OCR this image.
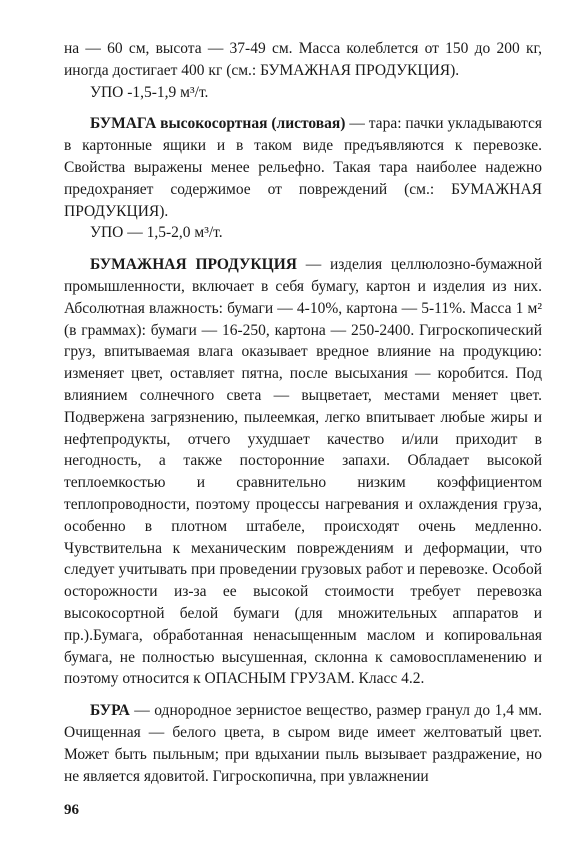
на — 60 см, высота — 37-49 см. Масса колеблется от 150 до 200 кг, иногда достигает 400 кг (см.: БУМАЖНАЯ ПРОДУКЦИЯ).

УПО -1,5-1,9 м³/т.

БУМАГА высокосортная (листовая) — тара: пачки укладываются в картонные ящики и в таком виде предъявляются к перевозке. Свойства выражены менее рельефно. Такая тара наиболее надежно предохраняет содержимое от повреждений (см.: БУМАЖНАЯ ПРОДУКЦИЯ).

УПО — 1,5-2,0 м³/т.

БУМАЖНАЯ ПРОДУКЦИЯ — изделия целлюлозно-бумажной промышленности, включает в себя бумагу, картон и изделия из них. Абсолютная влажность: бумаги — 4-10%, картона — 5-11%. Масса 1 м² (в граммах): бумаги — 16-250, картона — 250-2400. Гигроскопический груз, впитываемая влага оказывает вредное влияние на продукцию: изменяет цвет, оставляет пятна, после высыхания — коробится. Под влиянием солнечного света — выцветает, местами меняет цвет. Подвержена загрязнению, пылеемкая, легко впитывает любые жиры и нефтепродукты, отчего ухудшает качество и/или приходит в негодность, а также посторонние запахи. Обладает высокой теплоемкостью и сравнительно низким коэффициентом теплопроводности, поэтому процессы нагревания и охлаждения груза, особенно в плотном штабеле, происходят очень медленно. Чувствительна к механическим повреждениям и деформации, что следует учитывать при проведении грузовых работ и перевозке. Особой осторожности из-за ее высокой стоимости требует перевозка высокосортной белой бумаги (для множительных аппаратов и пр.).Бумага, обработанная ненасыщенным маслом и копировальная бумага, не полностью высушенная, склонна к самовоспламенению и поэтому относится к ОПАСНЫМ ГРУЗАМ. Класс 4.2.

БУРА — однородное зернистое вещество, размер гранул до 1,4 мм. Очищенная — белого цвета, в сыром виде имеет желтоватый цвет. Может быть пыльным; при вдыхании пыль вызывает раздражение, но не является ядовитой. Гигроскопична, при увлажнении

96
